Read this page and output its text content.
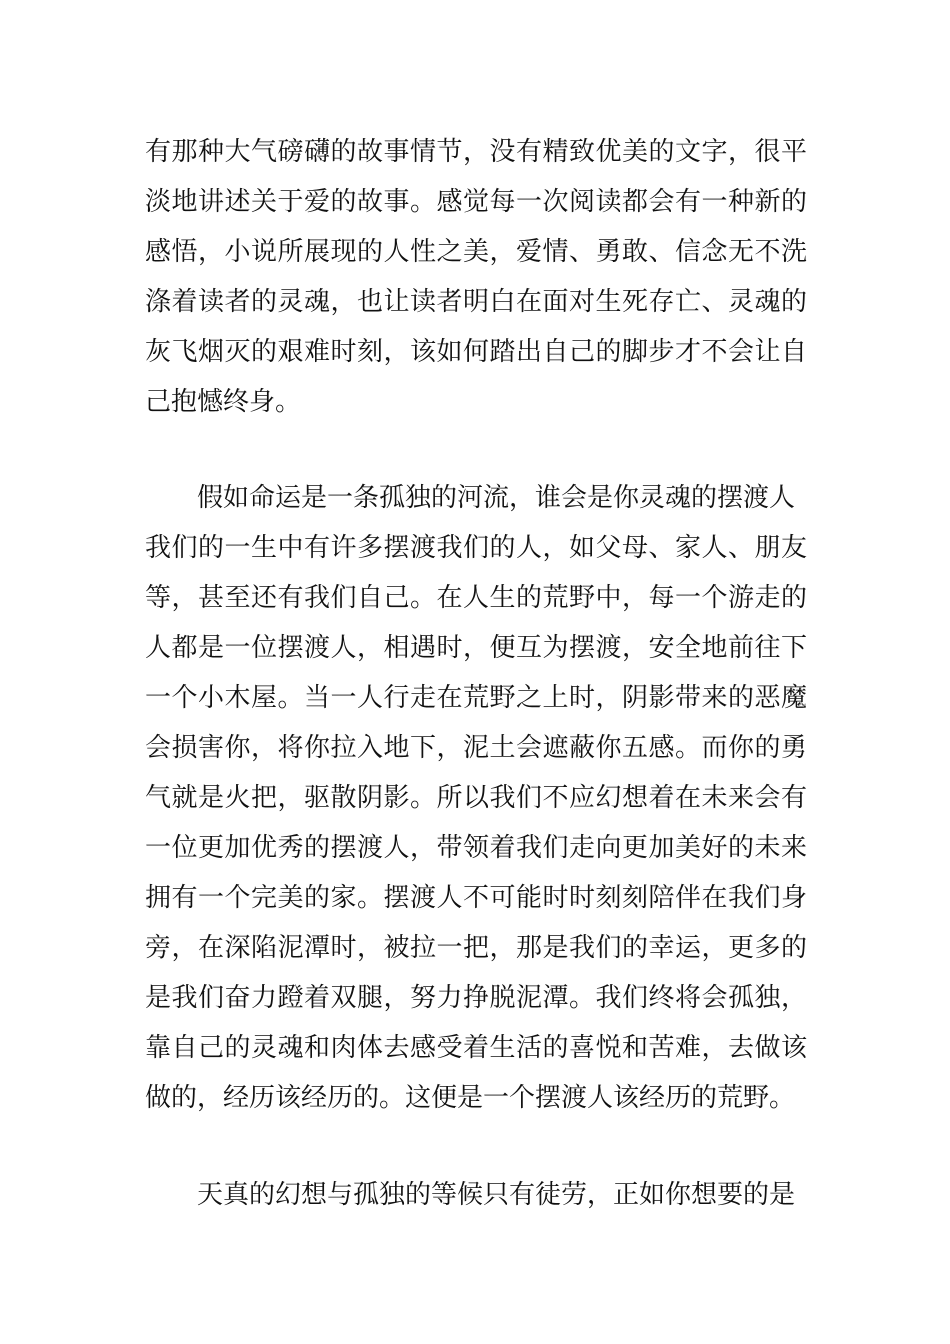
有那种大气磅礴的故事情节，没有精致优美的文字，很平
淡地讲述关于爱的故事。感觉每一次阅读都会有一种新的
感悟，小说所展现的人性之美，爱情、勇敢、信念无不洗
涤着读者的灵魂，也让读者明白在面对生死存亡、灵魂的
灰飞烟灭的艰难时刻，该如何踏出自己的脚步才不会让自
己抱憾终身。
假如命运是一条孤独的河流，谁会是你灵魂的摆渡人
我们的一生中有许多摆渡我们的人，如父母、家人、朋友
等，甚至还有我们自己。在人生的荒野中，每一个游走的
人都是一位摆渡人，相遇时，便互为摆渡，安全地前往下
一个小木屋。当一人行走在荒野之上时，阴影带来的恶魔
会损害你，将你拉入地下，泥土会遮蔽你五感。而你的勇
气就是火把，驱散阴影。所以我们不应幻想着在未来会有
一位更加优秀的摆渡人，带领着我们走向更加美好的未来
拥有一个完美的家。摆渡人不可能时时刻刻陪伴在我们身
旁，在深陷泥潭时，被拉一把，那是我们的幸运，更多的
是我们奋力蹬着双腿，努力挣脱泥潭。我们终将会孤独，
靠自己的灵魂和肉体去感受着生活的喜悦和苦难，去做该
做的，经历该经历的。这便是一个摆渡人该经历的荒野。
天真的幻想与孤独的等候只有徒劳，正如你想要的是
